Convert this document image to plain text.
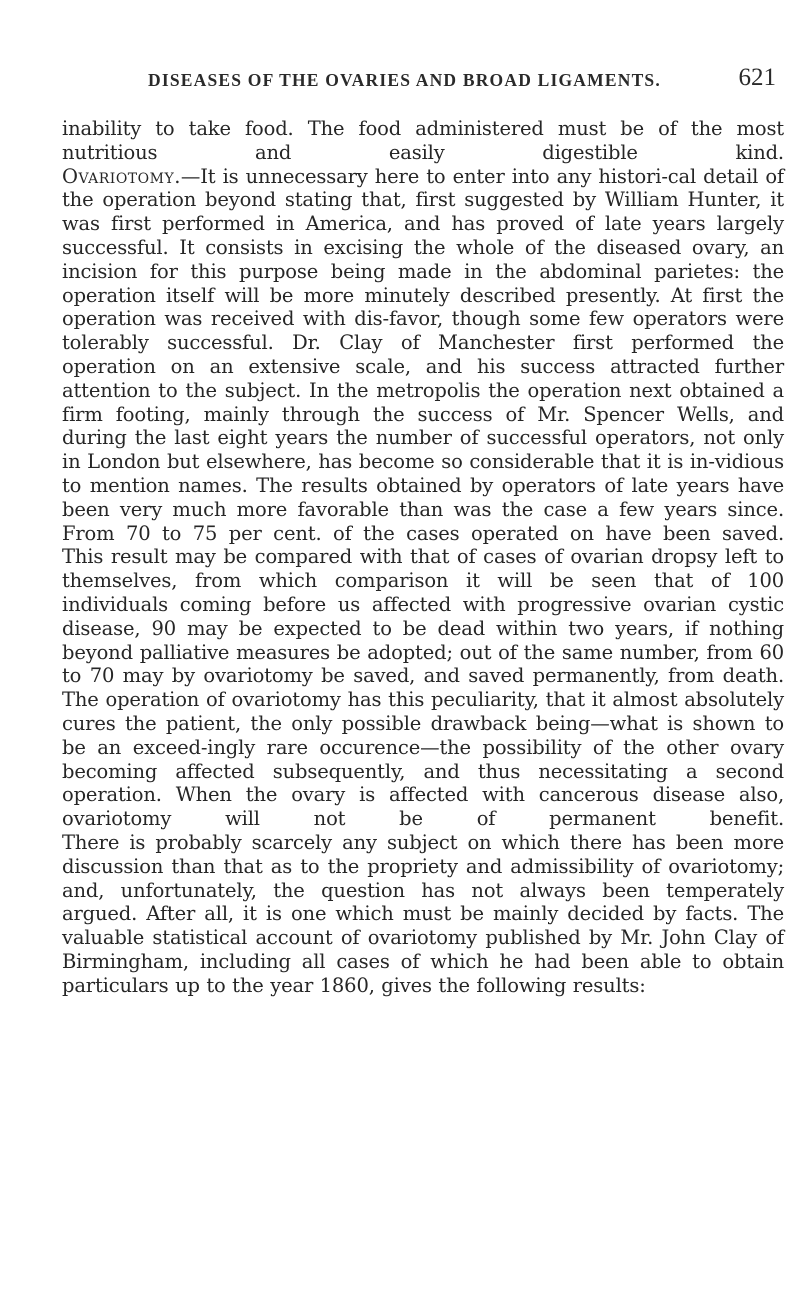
DISEASES OF THE OVARIES AND BROAD LIGAMENTS.	621

inability to take food. The food administered must be of the most nutritious and easily digestible kind.

Ovariotomy.—It is unnecessary here to enter into any histori-cal detail of the operation beyond stating that, first suggested by William Hunter, it was first performed in America, and has proved of late years largely successful. It consists in excising the whole of the diseased ovary, an incision for this purpose being made in the abdominal parietes: the operation itself will be more minutely described presently. At first the operation was received with dis-favor, though some few operators were tolerably successful. Dr. Clay of Manchester first performed the operation on an extensive scale, and his success attracted further attention to the subject. In the metropolis the operation next obtained a firm footing, mainly through the success of Mr. Spencer Wells, and during the last eight years the number of successful operators, not only in London but elsewhere, has become so considerable that it is in-vidious to mention names. The results obtained by operators of late years have been very much more favorable than was the case a few years since. From 70 to 75 per cent. of the cases operated on have been saved.

This result may be compared with that of cases of ovarian dropsy left to themselves, from which comparison it will be seen that of 100 individuals coming before us affected with progressive ovarian cystic disease, 90 may be expected to be dead within two years, if nothing beyond palliative measures be adopted; out of the same number, from 60 to 70 may by ovariotomy be saved, and saved permanently, from death. The operation of ovariotomy has this peculiarity, that it almost absolutely cures the patient, the only possible drawback being—what is shown to be an exceed-ingly rare occurence—the possibility of the other ovary becoming affected subsequently, and thus necessitating a second operation. When the ovary is affected with cancerous disease also, ovariotomy will not be of permanent benefit.

There is probably scarcely any subject on which there has been more discussion than that as to the propriety and admissibility of ovariotomy; and, unfortunately, the question has not always been temperately argued. After all, it is one which must be mainly decided by facts. The valuable statistical account of ovariotomy published by Mr. John Clay of Birmingham, including all cases of which he had been able to obtain particulars up to the year 1860, gives the following results:
